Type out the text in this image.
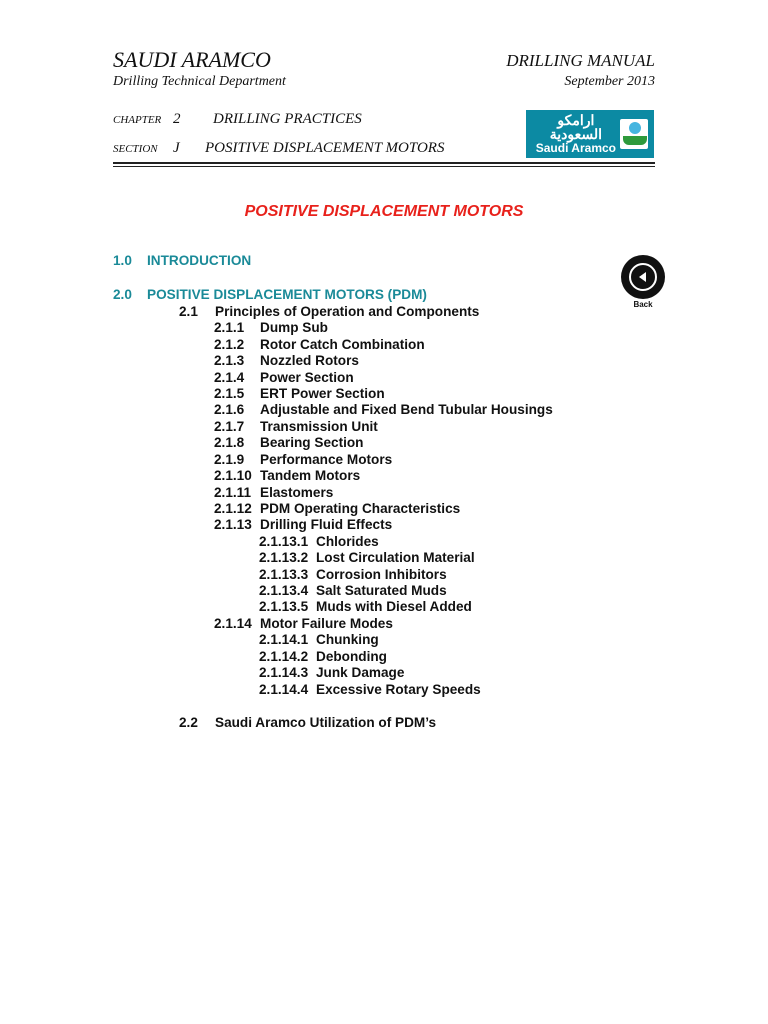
SAUDI ARAMCO
Drilling Technical Department
DRILLING MANUAL
September 2013
CHAPTER 2 DRILLING PRACTICES
SECTION J POSITIVE DISPLACEMENT MOTORS
ارامكو السعودية
Saudi Aramco
POSITIVE DISPLACEMENT MOTORS
Back
1.0 INTRODUCTION
2.0 POSITIVE DISPLACEMENT MOTORS (PDM)
2.1 Principles of Operation and Components
2.1.1 Dump Sub
2.1.2 Rotor Catch Combination
2.1.3 Nozzled Rotors
2.1.4 Power Section
2.1.5 ERT Power Section
2.1.6 Adjustable and Fixed Bend Tubular Housings
2.1.7 Transmission Unit
2.1.8 Bearing Section
2.1.9 Performance Motors
2.1.10 Tandem Motors
2.1.11 Elastomers
2.1.12 PDM Operating Characteristics
2.1.13 Drilling Fluid Effects
2.1.13.1 Chlorides
2.1.13.2 Lost Circulation Material
2.1.13.3 Corrosion Inhibitors
2.1.13.4 Salt Saturated Muds
2.1.13.5 Muds with Diesel Added
2.1.14 Motor Failure Modes
2.1.14.1 Chunking
2.1.14.2 Debonding
2.1.14.3 Junk Damage
2.1.14.4 Excessive Rotary Speeds
2.2 Saudi Aramco Utilization of PDM’s
